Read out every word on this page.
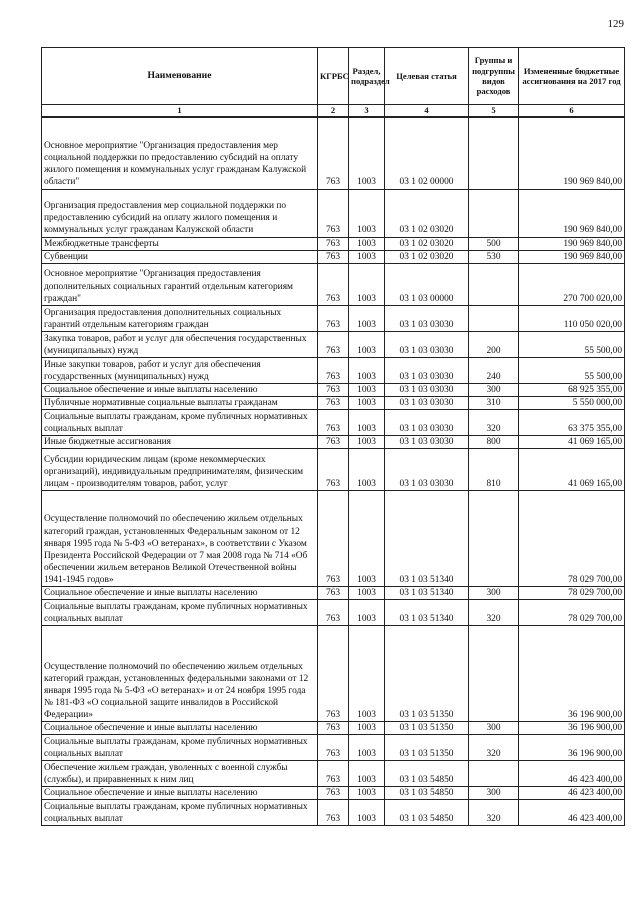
129
Наименование	КГРБС	Раздел, подраздел	Целевая статья	Группы и подгруппы видов расходов	Измененные бюджетные ассигнования на 2017 год
1	2	3	4	5	6
Основное мероприятие "Организация предоставления мер социальной поддержки по предоставлению субсидий на оплату жилого помещения и коммунальных услуг гражданам Калужской области"	763	1003	03 1 02 00000		190 969 840,00
Организация предоставления мер социальной поддержки по предоставлению субсидий на оплату жилого помещения и коммунальных услуг гражданам Калужской области	763	1003	03 1 02 03020		190 969 840,00
Межбюджетные трансферты	763	1003	03 1 02 03020	500	190 969 840,00
Субвенции	763	1003	03 1 02 03020	530	190 969 840,00
Основное мероприятие "Организация предоставления дополнительных социальных гарантий отдельным категориям граждан"	763	1003	03 1 03 00000		270 700 020,00
Организация предоставления дополнительных социальных гарантий отдельным категориям граждан	763	1003	03 1 03 03030		110 050 020,00
Закупка товаров, работ и услуг для обеспечения государственных (муниципальных) нужд	763	1003	03 1 03 03030	200	55 500,00
Иные закупки товаров, работ и услуг для обеспечения государственных (муниципальных) нужд	763	1003	03 1 03 03030	240	55 500,00
Социальное обеспечение и иные выплаты населению	763	1003	03 1 03 03030	300	68 925 355,00
Публичные нормативные социальные выплаты гражданам	763	1003	03 1 03 03030	310	5 550 000,00
Социальные выплаты гражданам, кроме публичных нормативных социальных выплат	763	1003	03 1 03 03030	320	63 375 355,00
Иные бюджетные ассигнования	763	1003	03 1 03 03030	800	41 069 165,00
Субсидии юридическим лицам (кроме некоммерческих организаций), индивидуальным предпринимателям, физическим лицам - производителям товаров, работ, услуг	763	1003	03 1 03 03030	810	41 069 165,00
Осуществление полномочий по обеспечению жильем отдельных категорий граждан, установленных Федеральным законом от 12 января 1995 года № 5-ФЗ «О ветеранах», в соответствии с Указом Президента Российской Федерации от 7 мая 2008 года № 714 «Об обеспечении жильем ветеранов Великой Отечественной войны 1941-1945 годов»	763	1003	03 1 03 51340		78 029 700,00
Социальное обеспечение и иные выплаты населению	763	1003	03 1 03 51340	300	78 029 700,00
Социальные выплаты гражданам, кроме публичных нормативных социальных выплат	763	1003	03 1 03 51340	320	78 029 700,00
Осуществление полномочий по обеспечению жильем отдельных категорий граждан, установленных федеральными законами от 12 января 1995 года № 5-ФЗ «О ветеранах» и от 24 ноября 1995 года № 181-ФЗ «О социальной защите инвалидов в Российской Федерации»	763	1003	03 1 03 51350		36 196 900,00
Социальное обеспечение и иные выплаты населению	763	1003	03 1 03 51350	300	36 196 900,00
Социальные выплаты гражданам, кроме публичных нормативных социальных выплат	763	1003	03 1 03 51350	320	36 196 900,00
Обеспечение жильем граждан, уволенных с военной службы (службы), и приравненных к ним лиц	763	1003	03 1 03 54850		46 423 400,00
Социальное обеспечение и иные выплаты населению	763	1003	03 1 03 54850	300	46 423 400,00
Социальные выплаты гражданам, кроме публичных нормативных социальных выплат	763	1003	03 1 03 54850	320	46 423 400,00
